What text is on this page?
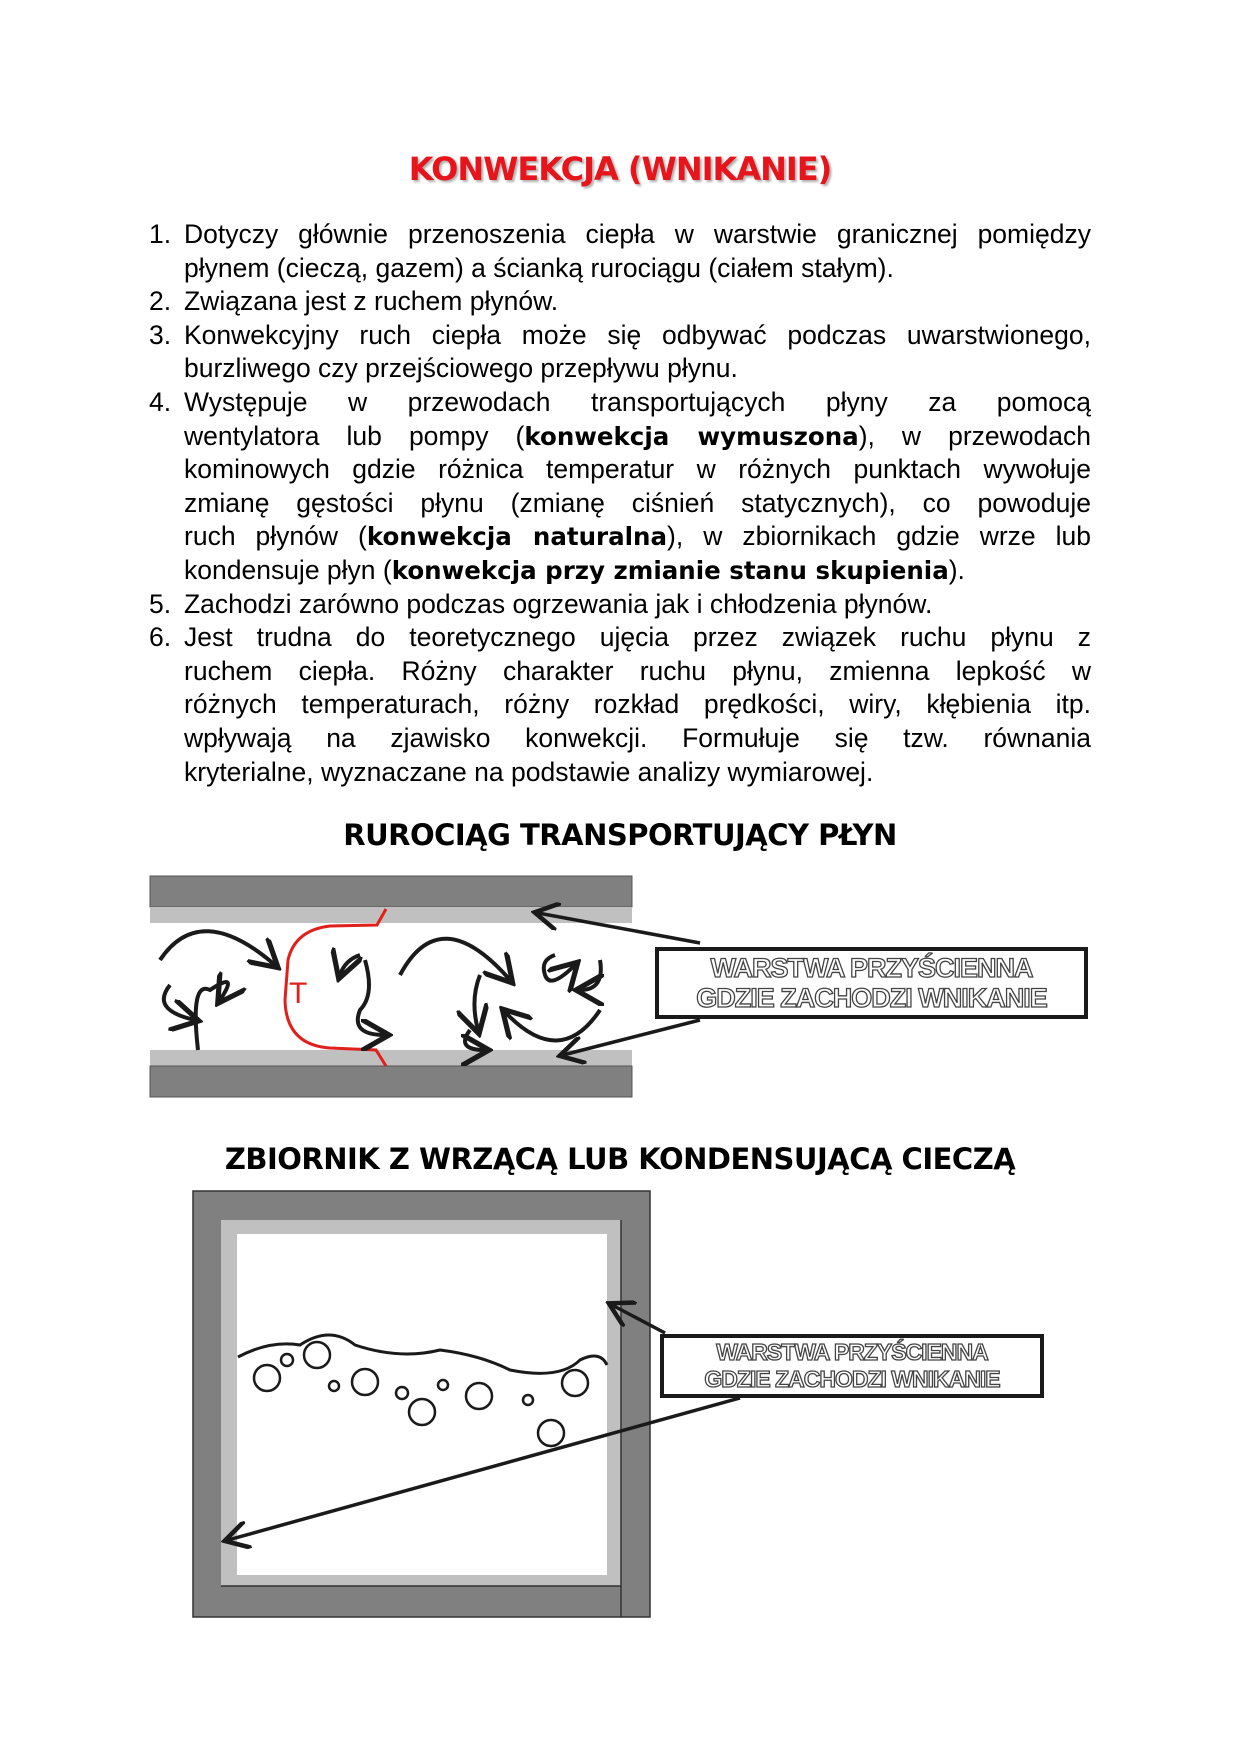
KONWEKCJA (WNIKANIE)
1. Dotyczy głównie przenoszenia ciepła w warstwie granicznej pomiędzy
płynem (cieczą, gazem) a ścianką rurociągu (ciałem stałym).
2. Związana jest z ruchem płynów.
3. Konwekcyjny ruch ciepła może się odbywać podczas uwarstwionego,
burzliwego czy przejściowego przepływu płynu.
4. Występuje w przewodach transportujących płyny za pomocą
wentylatora lub pompy (konwekcja wymuszona), w przewodach
kominowych gdzie różnica temperatur w różnych punktach wywołuje
zmianę gęstości płynu (zmianę ciśnień statycznych), co powoduje
ruch płynów (konwekcja naturalna), w zbiornikach gdzie wrze lub
kondensuje płyn (konwekcja przy zmianie stanu skupienia).
5. Zachodzi zarówno podczas ogrzewania jak i chłodzenia płynów.
6. Jest trudna do teoretycznego ujęcia przez związek ruchu płynu z
ruchem ciepła. Różny charakter ruchu płynu, zmienna lepkość w
różnych temperaturach, różny rozkład prędkości, wiry, kłębienia itp.
wpływają na zjawisko konwekcji. Formułuje się tzw. równania
kryterialne, wyznaczane na podstawie analizy wymiarowej.
RUROCIĄG TRANSPORTUJĄCY PŁYN
T
WARSTWA PRZYŚCIENNA
GDZIE ZACHODZI WNIKANIE
ZBIORNIK Z WRZĄCĄ LUB KONDENSUJĄCĄ CIECZĄ
WARSTWA PRZYŚCIENNA
GDZIE ZACHODZI WNIKANIE
